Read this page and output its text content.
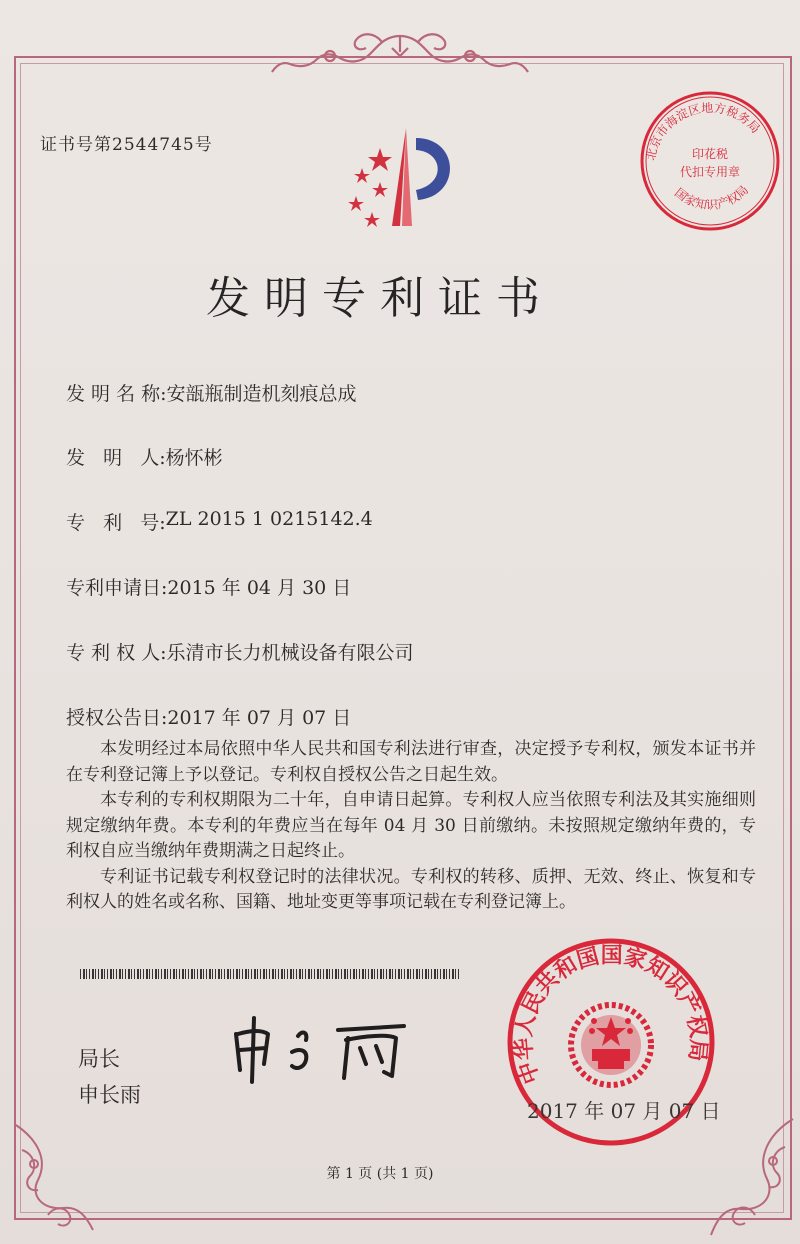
证书号第2544745号	北京市海淀区地方税务局
印花税
代扣专用章
国家知识产权局
发明专利证书
发 明 名 称: 安瓿瓶制造机刻痕总成
发   明   人: 杨怀彬
专   利   号: ZL 2015 1 0215142.4
专利申请日: 2015 年 04 月 30 日
专 利 权 人: 乐清市长力机械设备有限公司
授权公告日: 2017 年 07 月 07 日

本发明经过本局依照中华人民共和国专利法进行审查，决定授予专利权，颁发本证书并在专利登记簿上予以登记。专利权自授权公告之日起生效。

本专利的专利权期限为二十年，自申请日起算。专利权人应当依照专利法及其实施细则规定缴纳年费。本专利的年费应当在每年 04 月 30 日前缴纳。未按照规定缴纳年费的，专利权自应当缴纳年费期满之日起终止。

专利证书记载专利权登记时的法律状况。专利权的转移、质押、无效、终止、恢复和专利权人的姓名或名称、国籍、地址变更等事项记载在专利登记簿上。

局长
申长雨
中华人民共和国国家知识产权局
2017 年 07 月 07 日
第 1 页 (共 1 页)
